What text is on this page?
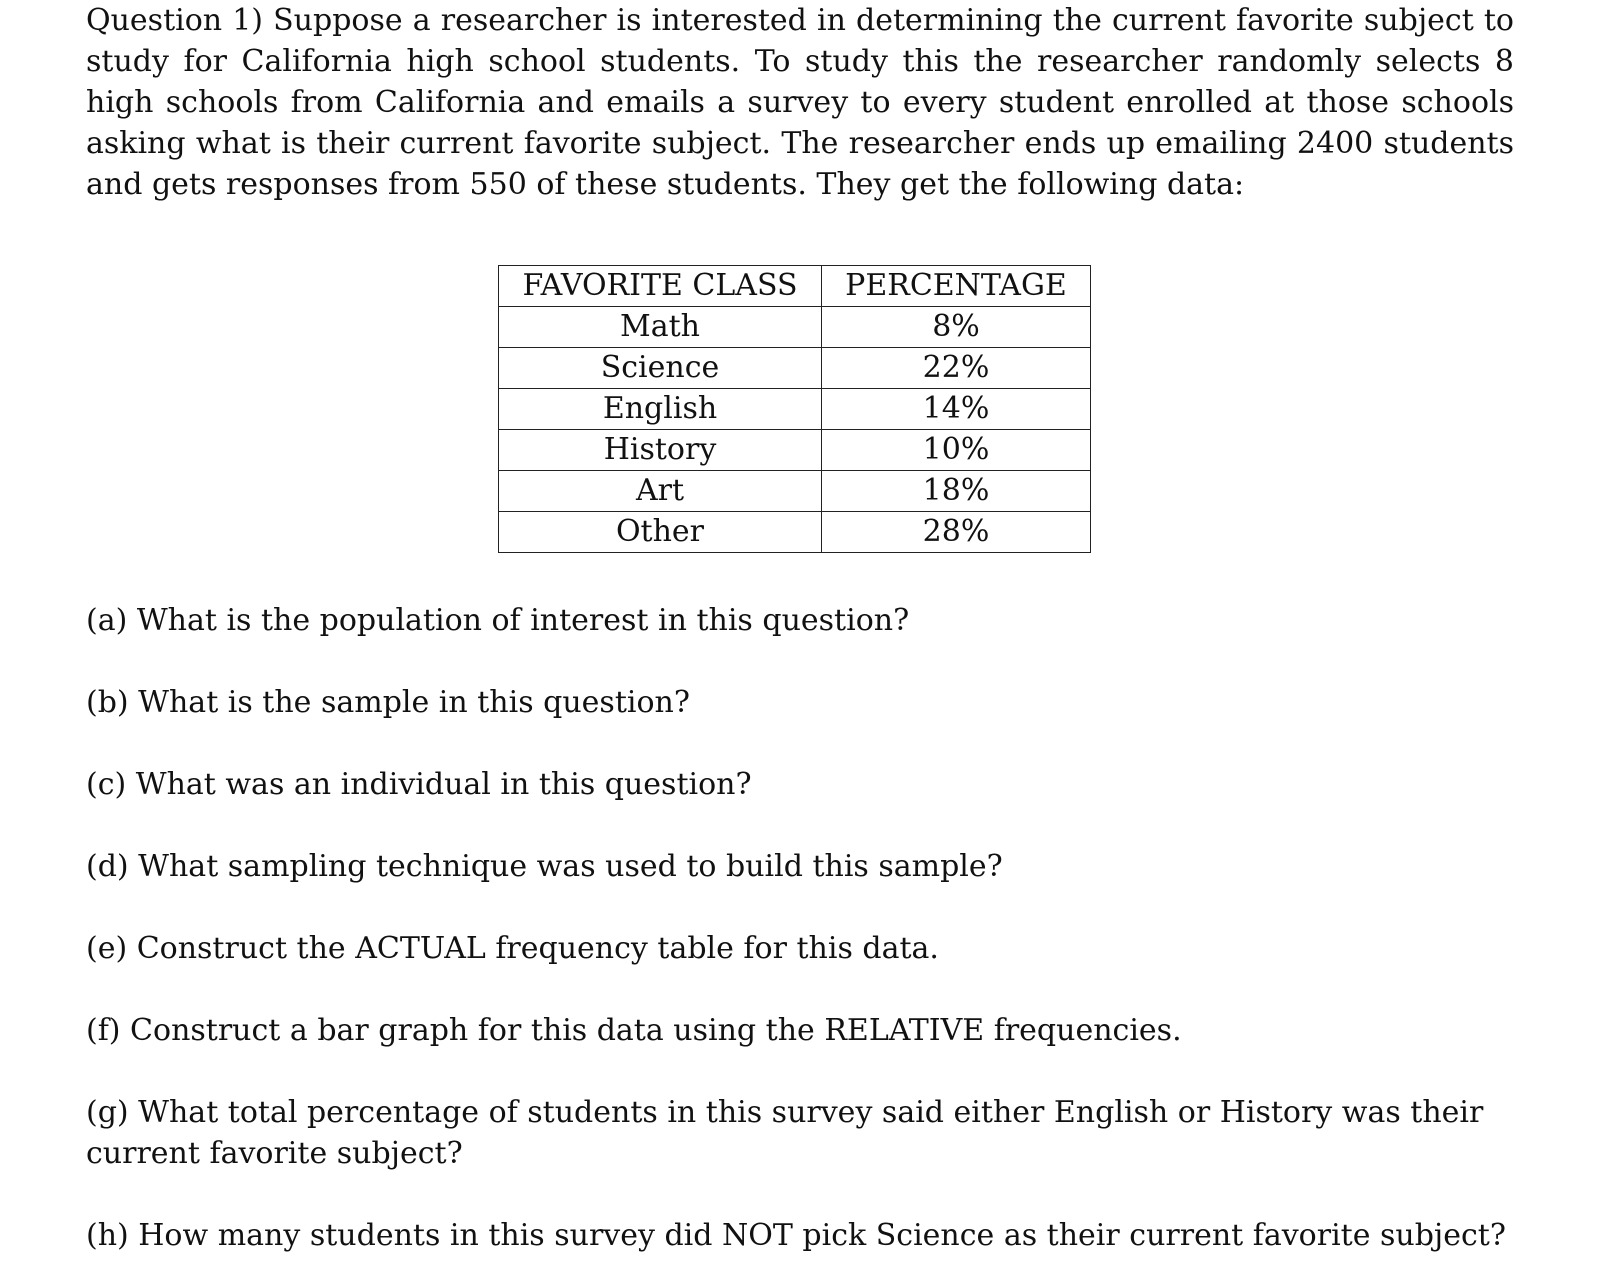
Question 1) Suppose a researcher is interested in determining the current favorite subject to study for California high school students. To study this the researcher randomly selects 8 high schools from California and emails a survey to every student enrolled at those schools asking what is their current favorite subject. The researcher ends up emailing 2400 students and gets responses from 550 of these students. They get the following data:

FAVORITE CLASS	PERCENTAGE
Math	8%
Science	22%
English	14%
History	10%
Art	18%
Other	28%

(a) What is the population of interest in this question?

(b) What is the sample in this question?

(c) What was an individual in this question?

(d) What sampling technique was used to build this sample?

(e) Construct the ACTUAL frequency table for this data.

(f) Construct a bar graph for this data using the RELATIVE frequencies.

(g) What total percentage of students in this survey said either English or History was their current favorite subject?

(h) How many students in this survey did NOT pick Science as their current favorite subject?
